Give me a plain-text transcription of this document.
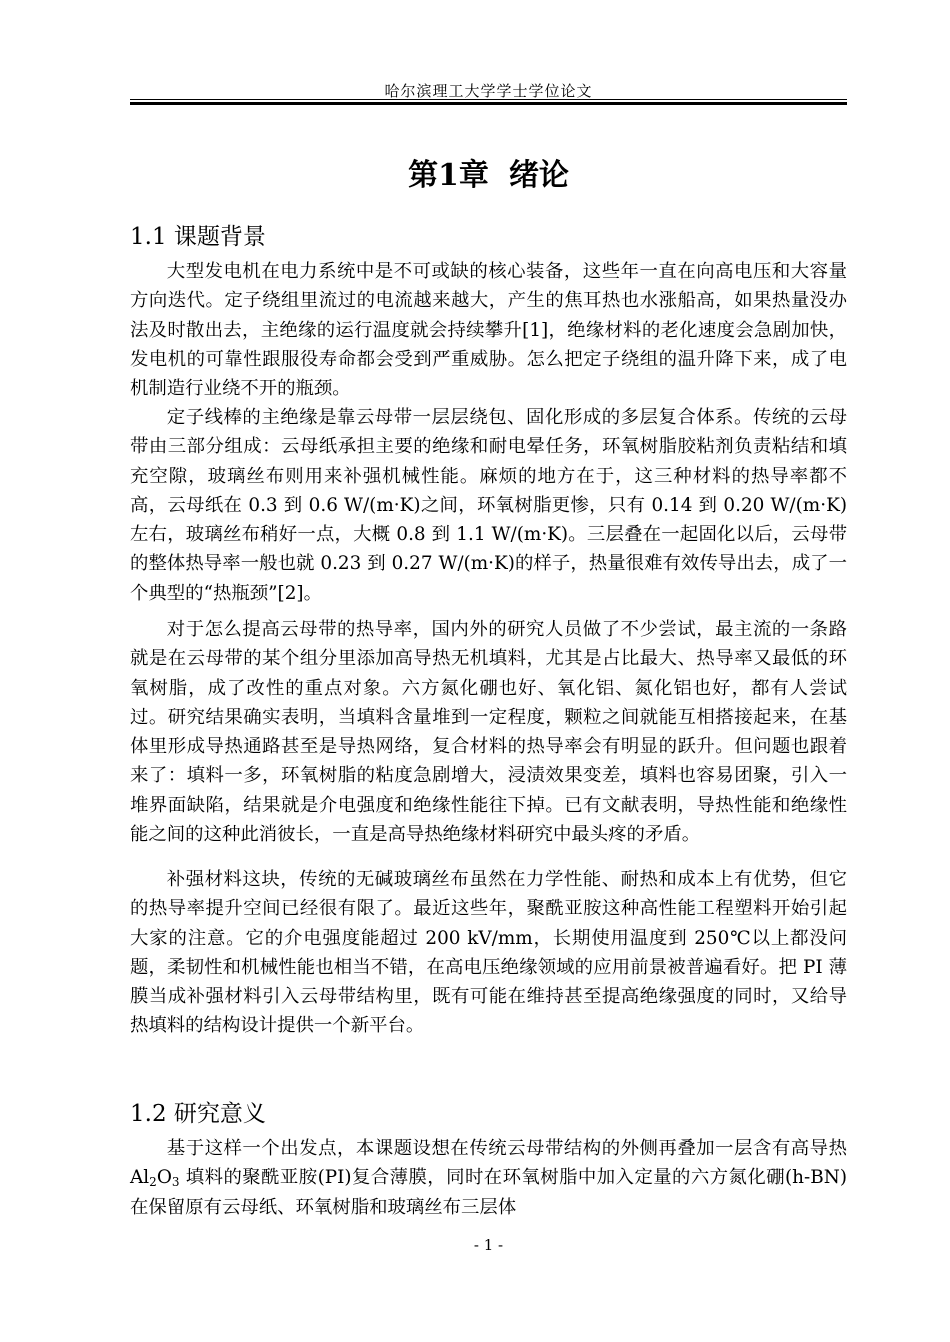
哈尔滨理工大学学士学位论文
第1章 绪论
1.1 课题背景

大型发电机在电力系统中是不可或缺的核心装备，这些年一直在向高电压和大容量方向迭代。定子绕组里流过的电流越来越大，产生的焦耳热也水涨船高，如果热量没办法及时散出去，主绝缘的运行温度就会持续攀升[1]，绝缘材料的老化速度会急剧加快，发电机的可靠性跟服役寿命都会受到严重威胁。怎么把定子绕组的温升降下来，成了电机制造行业绕不开的瓶颈。

定子线棒的主绝缘是靠云母带一层层绕包、固化形成的多层复合体系。传统的云母带由三部分组成：云母纸承担主要的绝缘和耐电晕任务，环氧树脂胶粘剂负责粘结和填充空隙，玻璃丝布则用来补强机械性能。麻烦的地方在于，这三种材料的热导率都不高，云母纸在 0.3 到 0.6 W/(m·K)之间，环氧树脂更惨，只有 0.14 到 0.20 W/(m·K)左右，玻璃丝布稍好一点，大概 0.8 到 1.1 W/(m·K)。三层叠在一起固化以后，云母带的整体热导率一般也就 0.23 到 0.27 W/(m·K)的样子，热量很难有效传导出去，成了一个典型的“热瓶颈”[2]。

对于怎么提高云母带的热导率，国内外的研究人员做了不少尝试，最主流的一条路就是在云母带的某个组分里添加高导热无机填料，尤其是占比最大、热导率又最低的环氧树脂，成了改性的重点对象。六方氮化硼也好、氧化铝、氮化铝也好，都有人尝试过。研究结果确实表明，当填料含量堆到一定程度，颗粒之间就能互相搭接起来，在基体里形成导热通路甚至是导热网络，复合材料的热导率会有明显的跃升。但问题也跟着来了：填料一多，环氧树脂的粘度急剧增大，浸渍效果变差，填料也容易团聚，引入一堆界面缺陷，结果就是介电强度和绝缘性能往下掉。已有文献表明，导热性能和绝缘性能之间的这种此消彼长，一直是高导热绝缘材料研究中最头疼的矛盾。

补强材料这块，传统的无碱玻璃丝布虽然在力学性能、耐热和成本上有优势，但它的热导率提升空间已经很有限了。最近这些年，聚酰亚胺这种高性能工程塑料开始引起大家的注意。它的介电强度能超过 200 kV/mm，长期使用温度到 250℃以上都没问题，柔韧性和机械性能也相当不错，在高电压绝缘领域的应用前景被普遍看好。把 PI 薄膜当成补强材料引入云母带结构里，既有可能在维持甚至提高绝缘强度的同时，又给导热填料的结构设计提供一个新平台。

1.2 研究意义

基于这样一个出发点，本课题设想在传统云母带结构的外侧再叠加一层含有高导热 $Al_2O_3$ 填料的聚酰亚胺(PI)复合薄膜，同时在环氧树脂中加入定量的六方氮化硼(h-BN)在保留原有云母纸、环氧树脂和玻璃丝布三层体

- 1 -
